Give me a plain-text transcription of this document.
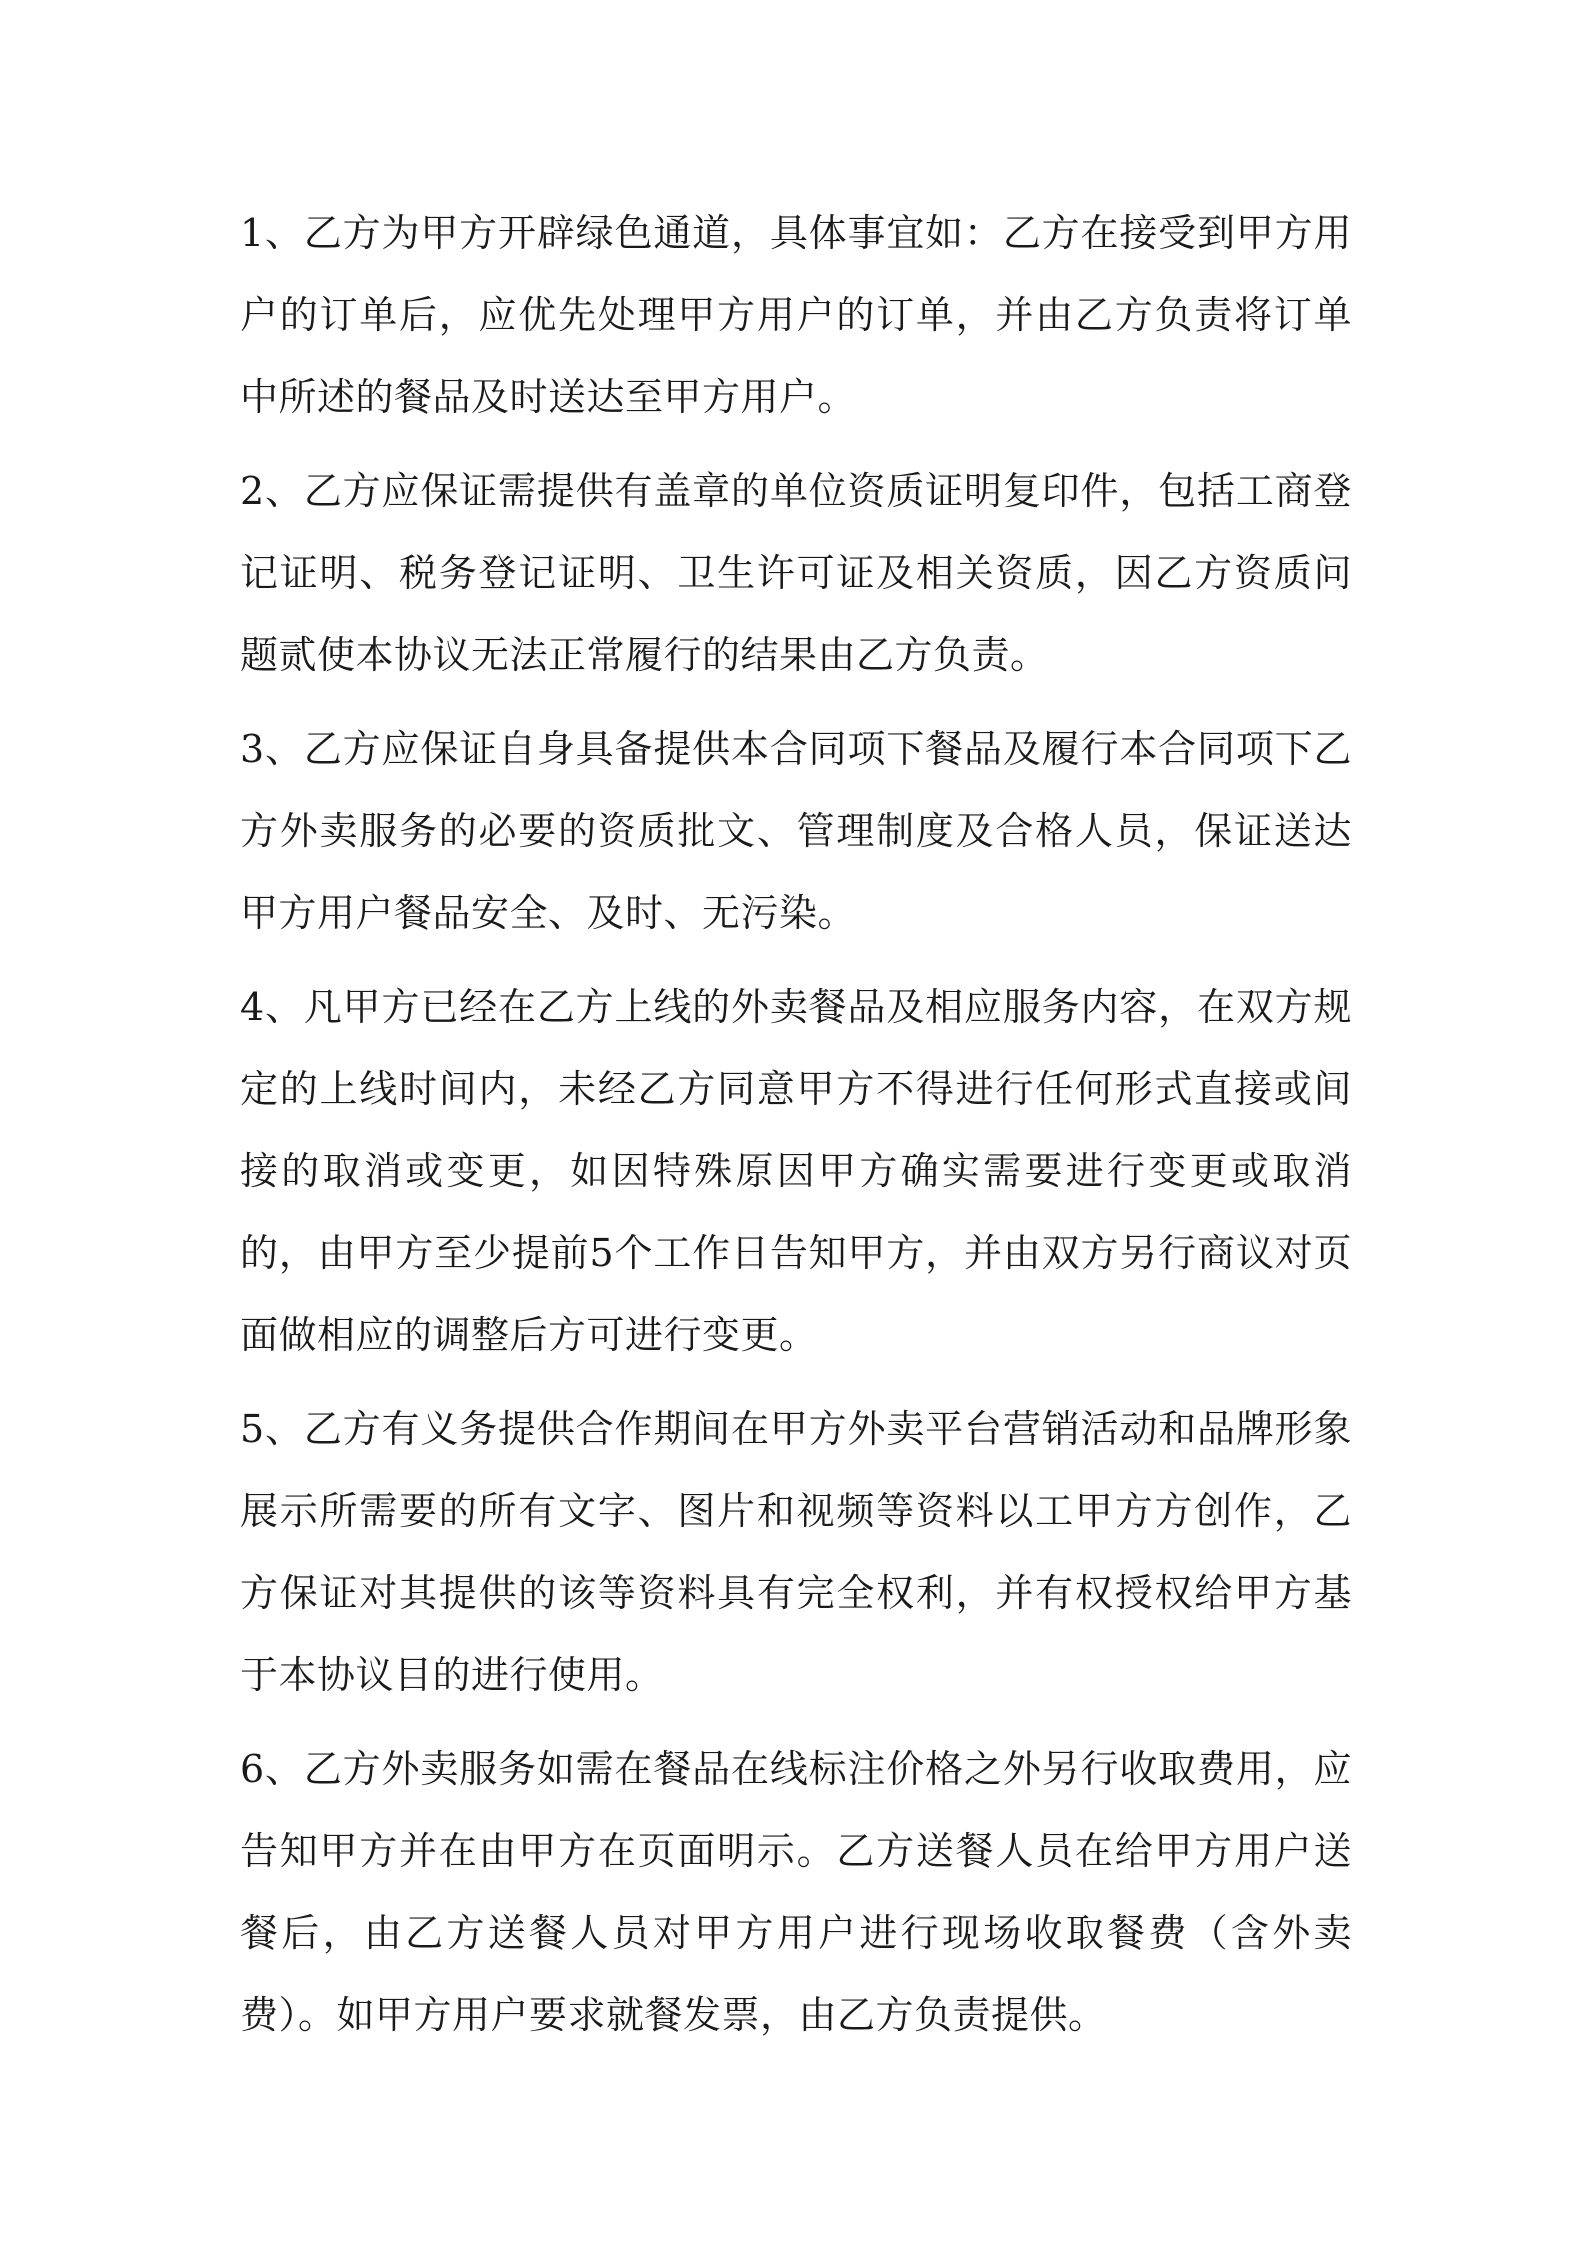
1、乙方为甲方开辟绿色通道，具体事宜如：乙方在接受到甲方用户的订单后，应优先处理甲方用户的订单，并由乙方负责将订单中所述的餐品及时送达至甲方用户。

2、乙方应保证需提供有盖章的单位资质证明复印件，包括工商登记证明、税务登记证明、卫生许可证及相关资质，因乙方资质问题贰使本协议无法正常履行的结果由乙方负责。

3、乙方应保证自身具备提供本合同项下餐品及履行本合同项下乙方外卖服务的必要的资质批文、管理制度及合格人员，保证送达甲方用户餐品安全、及时、无污染。

4、凡甲方已经在乙方上线的外卖餐品及相应服务内容，在双方规定的上线时间内，未经乙方同意甲方不得进行任何形式直接或间接的取消或变更，如因特殊原因甲方确实需要进行变更或取消的，由甲方至少提前5个工作日告知甲方，并由双方另行商议对页面做相应的调整后方可进行变更。

5、乙方有义务提供合作期间在甲方外卖平台营销活动和品牌形象展示所需要的所有文字、图片和视频等资料以工甲方方创作，乙方保证对其提供的该等资料具有完全权利，并有权授权给甲方基于本协议目的进行使用。

6、乙方外卖服务如需在餐品在线标注价格之外另行收取费用，应告知甲方并在由甲方在页面明示。乙方送餐人员在给甲方用户送餐后，由乙方送餐人员对甲方用户进行现场收取餐费（含外卖费）。如甲方用户要求就餐发票，由乙方负责提供。
